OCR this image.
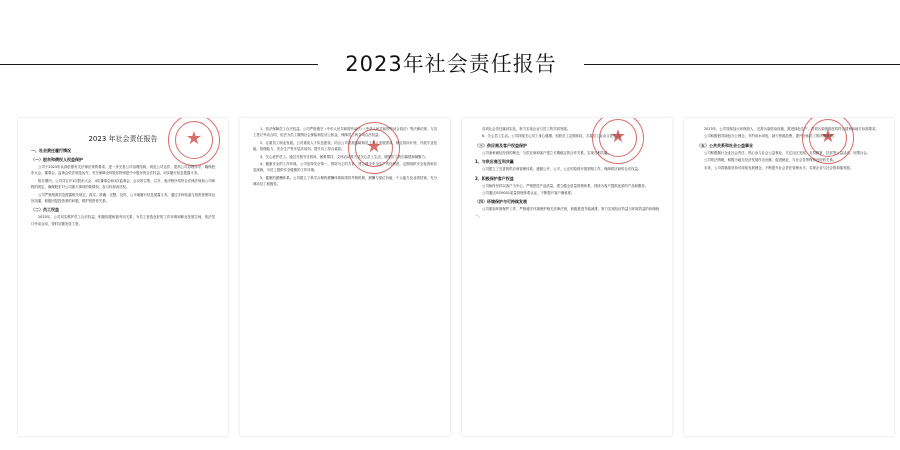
2023年社会责任报告
★
2023 年社会责任报告
一、社会责任履行情况
（一）股东和债权人权益保护

公司于2023年认真依照有关法律法规的要求，进一步完善公司治理结构，规范公司运作，提高公司治理水平，确保股东大会、董事会、监事会依法规范运作，充分保障全体股东特别是中小股东的合法权益，切实履行信息披露义务。

报告期内，公司共召开1次股东大会、4次董事会和3次监事会，会议的召集、召开、表决程序均符合法律法规和公司章程的规定，确保股东对公司重大事项的知情权、参与权和表决权。

公司严格按照信息披露相关规定，真实、准确、完整、及时、公平地履行信息披露义务，通过多种渠道与投资者保持良好沟通，积极回复投资者的问题，维护投资者关系。

（二）员工权益

2023年，公司切实维护员工合法权益，积极构建和谐劳动关系，为员工营造良好的工作环境和职业发展空间，依法签订劳动合同，按时足额发放工资。

★

1、依法保障员工合法权益。公司严格遵守《中华人民共和国劳动法》《中华人民共和国劳动合同法》等法律法规，与员工签订劳动合同，依法为员工缴纳社会保险和住房公积金，保障员工的各项合法权益。

2、注重员工职业发展。公司重视人才队伍建设，结合公司发展战略和员工个人发展需求，制定培训计划，开展专业技能、管理能力、安全生产等多层次培训，提升员工综合素质。

3、关心爱护员工。通过开展节日慰问、困难帮扶、文体活动等方式关心员工生活，增强员工的归属感和凝聚力。

4、健康安全的工作环境。公司坚持安全第一、预防为主的方针，建立健全安全生产责任制度，定期组织安全检查和应急演练，为员工提供安全健康的工作环境。

5、健康的薪酬体系。公司建立了科学合理的薪酬体系和绩效考核机制，薪酬与岗位价值、个人能力及业绩挂钩，充分调动员工积极性。

★

各项社会责任落到实处，努力实现企业与员工的共同发展。

6、关心员工生活。公司持续关心员工身心健康，组织员工定期体检，丰富员工业余文化生活。

（三）供应商及客户权益保护

公司秉承诚信经营的理念，与供应商和客户建立长期稳定的合作关系，实现互利共赢。

1、与供应商互利共赢

公司建立了完善的供应商管理体系，遵循公开、公平、公正的原则开展采购工作，保障供应商的合法权益。

2、积极保护客户权益

公司始终坚持以客户为中心，严格把控产品质量，建立健全质量管理体系，持续为客户提供优质的产品和服务。

公司通过ISO9001质量管理体系认证，不断提升客户满意度。

（四）环境保护与可持续发展

公司重视环境保护工作，严格遵守环境保护相关法律法规，积极推进节能减排，努力实现经济效益与环境效益的协调统一。

★

2023年，公司持续加大环保投入，完善污染防治设施，推进绿色生产，各项污染物排放均符合国家和地方标准要求。

公司积极倡导绿色办公理念，节约用水用电，减少资源浪费，提升全体员工的环保意识。

（五）公共关系和社会公益事业

公司积极履行企业社会责任，热心参与社会公益事业，关注社区发展，支持教育、扶贫等公益活动，回馈社会。

公司依法纳税，积极为地方经济发展作出贡献，促进就业，与社会各界保持良好的关系。

未来，公司将继续坚持可持续发展理念，不断提升社会责任管理水平，实现企业与社会的和谐发展。
